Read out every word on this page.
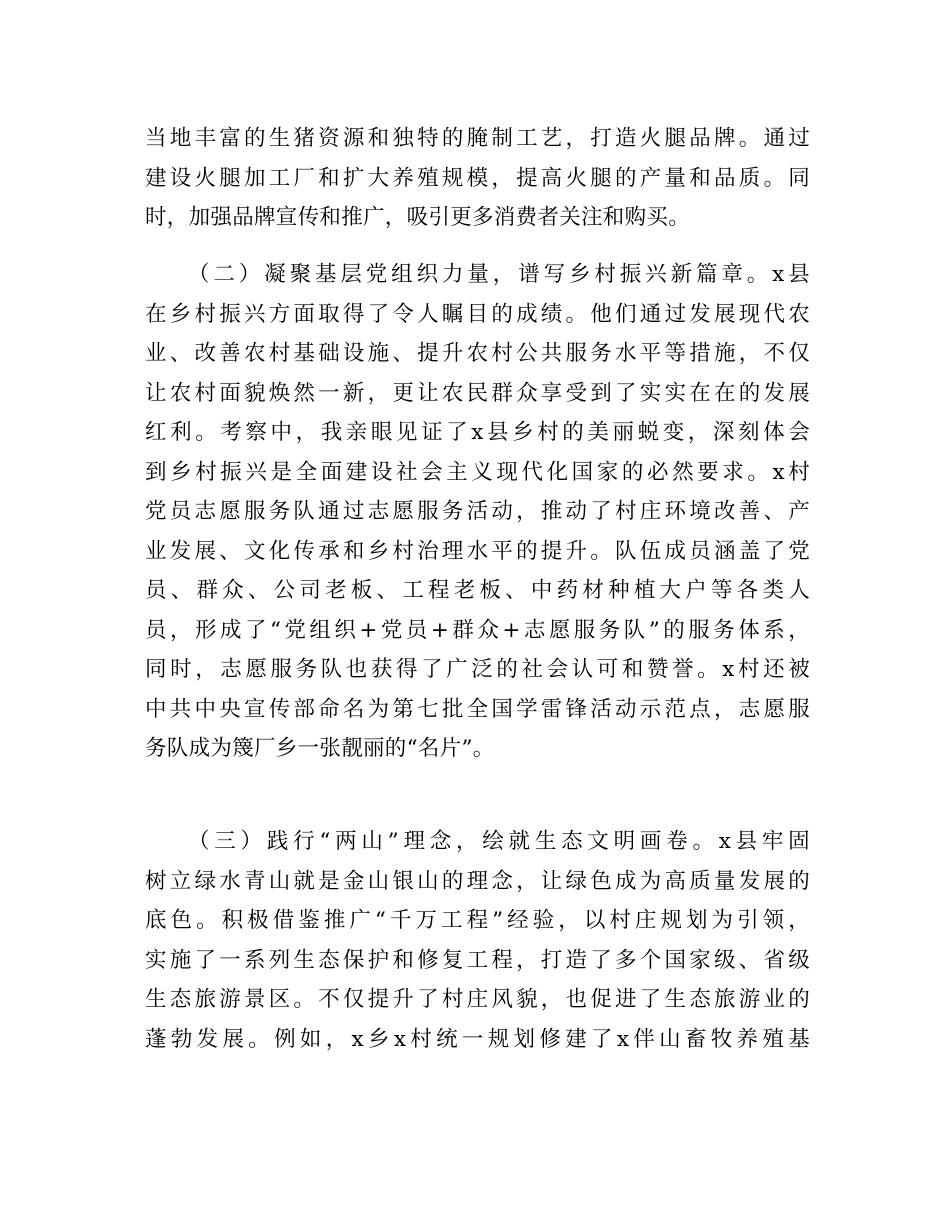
当地丰富的生猪资源和独特的腌制工艺，打造火腿品牌。通过
建设火腿加工厂和扩大养殖规模，提高火腿的产量和品质。同
时，加强品牌宣传和推广，吸引更多消费者关注和购买。

（二）凝聚基层党组织力量，谱写乡村振兴新篇章。x县
在乡村振兴方面取得了令人瞩目的成绩。他们通过发展现代农
业、改善农村基础设施、提升农村公共服务水平等措施，不仅
让农村面貌焕然一新，更让农民群众享受到了实实在在的发展
红利。考察中，我亲眼见证了x县乡村的美丽蜕变，深刻体会
到乡村振兴是全面建设社会主义现代化国家的必然要求。x村
党员志愿服务队通过志愿服务活动，推动了村庄环境改善、产
业发展、文化传承和乡村治理水平的提升。队伍成员涵盖了党
员、群众、公司老板、工程老板、中药材种植大户等各类人
员，形成了“党组织+党员+群众+志愿服务队”的服务体系，
同时，志愿服务队也获得了广泛的社会认可和赞誉。x村还被
中共中央宣传部命名为第七批全国学雷锋活动示范点，志愿服
务队成为篾厂乡一张靓丽的“名片”。

（三）践行“两山”理念，绘就生态文明画卷。x县牢固
树立绿水青山就是金山银山的理念，让绿色成为高质量发展的
底色。积极借鉴推广“千万工程”经验，以村庄规划为引领，
实施了一系列生态保护和修复工程，打造了多个国家级、省级
生态旅游景区。不仅提升了村庄风貌，也促进了生态旅游业的
蓬勃发展。例如，x乡x村统一规划修建了x伴山畜牧养殖基
